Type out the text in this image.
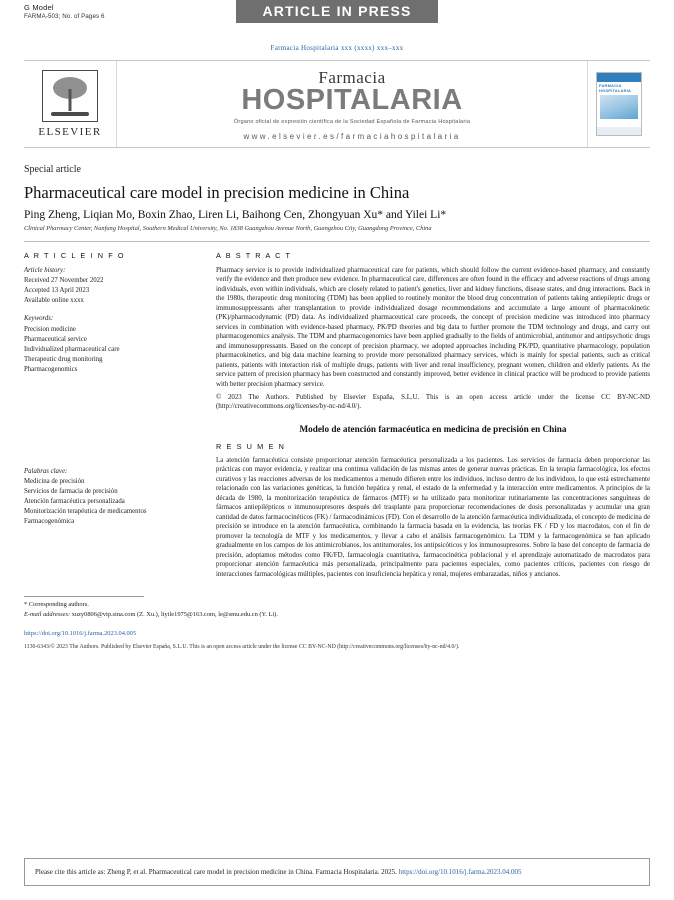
G Model
FARMA-503; No. of Pages 6	ARTICLE IN PRESS
Farmacia Hospitalaria xxx (xxxx) xxx–xxx
ELSEVIER
Farmacia
HOSPITALARIA
Órgano oficial de expresión científica de la Sociedad Española de Farmacia Hospitalaria
www.elsevier.es/farmaciahospitalaria
FARMACIA HOSPITALARIA
Special article
Pharmaceutical care model in precision medicine in China

Ping Zheng, Liqian Mo, Boxin Zhao, Liren Li, Baihong Cen, Zhongyuan Xu* and Yilei Li*

Clinical Pharmacy Center, Nanfang Hospital, Southern Medical University, No. 1838 Guangzhou Avenue North, Guangzhou City, Guangdong Province, China

A R T I C L E I N F O

Article history:

Received 27 November 2022

Accepted 13 April 2023

Available online xxxx

Keywords:

Precision medicine

Pharmaceutical service

Individualized pharmaceutical care

Therapeutic drug monitoring

Pharmacogenomics

Palabras clave:

Medicina de precisión

Servicios de farmacia de precisión

Atención farmacéutica personalizada

Monitorización terapéutica de medicamentos

Farmacogenómica

A B S T R A C T

Pharmacy service is to provide individualized pharmaceutical care for patients, which should follow the current evidence-based pharmacy, and constantly verify the evidence and then produce new evidence. In pharmaceutical care, differences are often found in the efficacy and adverse reactions of drugs among individuals, even within individuals, which are closely related to patient's genetics, liver and kidney functions, disease states, and drug interactions. Back in the 1980s, therapeutic drug monitoring (TDM) has been applied to routinely monitor the blood drug concentration of patients taking antiepileptic drugs or immunosuppressants after transplantation to provide individualized dosage recommendations and accumulate a large amount of pharmacokinetic (PK)/pharmacodynamic (PD) data. As individualized pharmaceutical care proceeds, the concept of precision medicine was introduced into pharmacy services in combination with evidence-based pharmacy, PK/PD theories and big data to further promote the TDM technology and drugs, and carry out pharmacogenomics analysis. The TDM and pharmacogenomics have been applied gradually to the fields of antimicrobial, antitumor and antipsychotic drugs and immunosuppressants. Based on the concept of precision pharmacy, we adopted approaches including PK/PD, quantitative pharmacology, population pharmacokinetics, and big data machine learning to provide more personalized pharmacy services, which is mainly for special patients, such as critical patients, patients with interaction risk of multiple drugs, patients with liver and renal insufficiency, pregnant women, children and elderly patients. As the service pattern of precision pharmacy has been constructed and constantly improved, better evidence in clinical practice will be produced to provide patients with better precision pharmacy service.

© 2023 The Authors. Published by Elsevier España, S.L.U. This is an open access article under the license CC BY-NC-ND (http://creativecommons.org/licenses/by-nc-nd/4.0/).

Modelo de atención farmacéutica en medicina de precisión en China
R E S U M E N

La atención farmacéutica consiste proporcionar atención farmacéutica personalizada a los pacientes. Los servicios de farmacia deben proporcionar las prácticas con mayor evidencia, y realizar una continua validación de las mismas antes de generar nuevas prácticas. En la terapia farmacológica, los efectos curativos y las reacciones adversas de los medicamentos a menudo difieren entre los individuos, incluso dentro de los individuos, lo que está estrechamente relacionado con las variaciones genéticas, la función hepática y renal, el estado de la enfermedad y la interacción entre medicamentos. A principios de la década de 1980, la monitorización terapéutica de fármacos (MTF) se ha utilizado para monitorizar rutinariamente las concentraciones sanguíneas de fármacos antiepilépticos o inmunosupresores después del trasplante para proporcionar recomendaciones de dosis personalizadas y acumular una gran cantidad de datos farmacocinéticos (FK) / farmacodinámicos (FD). Con el desarrollo de la atención farmacéutica individualizada, el concepto de medicina de precisión se introduce en la atención farmacéutica, combinando la farmacia basada en la evidencia, las teorías FK / FD y los macrodatos, con el fin de promover la tecnología de MTF y los medicamentos, y llevar a cabo el análisis farmacogenómico. La TDM y la farmacogenómica se han aplicado gradualmente en los campos de los antimicrobianos, los antitumorales, los antipsicóticos y los inmunosupresores. Sobre la base del concepto de farmacia de precisión, adoptamos métodos como FK/FD, farmacología cuantitativa, farmacocinética poblacional y el aprendizaje automatizado de macrodatos para proporcionar atención farmacéutica más personalizada, principalmente para pacientes especiales, como pacientes críticos, pacientes con riesgo de interacciones farmacológicas múltiples, pacientes con insuficiencia hepática y renal, mujeres embarazadas, niños y ancianos.

* Corresponding authors.

E-mail addresses: xuzy0806@vip.sina.com (Z. Xu.), liyile1975@163.com, le@smu.edu.cn (Y. Li).

https://doi.org/10.1016/j.farma.2023.04.005

1130-6343/© 2023 The Authors. Published by Elsevier España, S.L.U. This is an open access article under the license CC BY-NC-ND (http://creativecommons.org/licenses/by-nc-nd/4.0/).

Please cite this article as: Zheng P, et al. Pharmaceutical care model in precision medicine in China. Farmacia Hospitalaria. 2025. https://doi.org/10.1016/j.farma.2023.04.005
